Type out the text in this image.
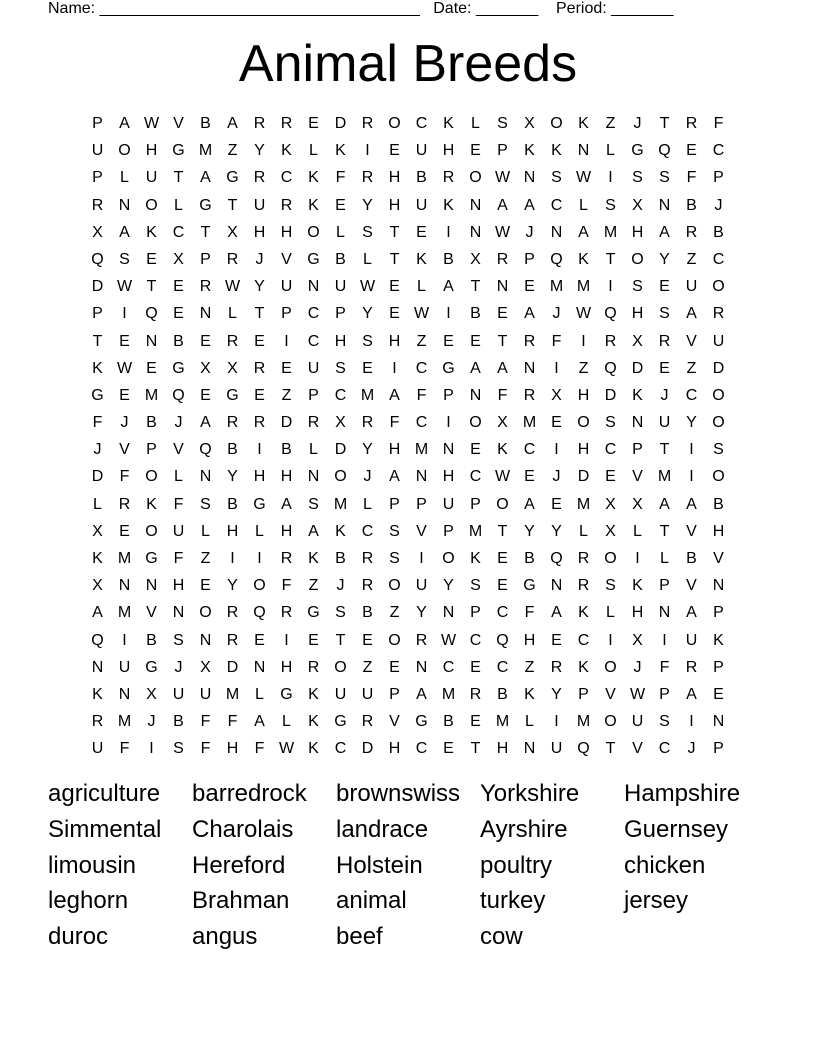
Name: ____________________________________   Date: _______    Period: _______
Animal Breeds
P	A W V	B	A R R E D R O C K	L	S	X O K	Z	J	T	R	F
U O H G M Z	Y	K	L	K	I	E U H E	P	K	K N	L	G Q E C
P	L	U	T	A G R C K	F	R H B R O W N S W	I	S	S	F	P
R N O	L	G T	U R K	E	Y H U K N A	A C	L	S	X N B	J
X	A	K C	T	X H H O	L	S	T	E	I	N W J	N A M H A R B
Q S	E	X	P R	J	V G B	L	T	K	B	X R P Q K	T O Y	Z	C
D W T	E R W Y U N U W E	L	A	T	N E M M	I	S	E U O
P	I	Q E N	L	T	P C P	Y	E W	I	B	E	A	J W Q H S	A R
T	E N B	E R E	I	C H S H	Z	E	E	T	R	F	I	R X R V U
K W E G X	X R E U S	E	I	C G A	A N	I	Z Q D E	Z	D
G E M Q E G E	Z	P C M A	F	P N	F	R X H D K	J	C O
F	J	B	J	A R R D R X R	F	C	I	O X M E O S N U Y O
J	V	P	V Q B	I	B	L	D Y H M N E	K C	I	H C P	T	I	S
D	F O	L	N Y H H N O	J	A N H C W E	J	D E	V M	I	O
L	R K	F	S	B G A	S M L	P	P U P O A	E M X	X	A	A	B
X	E O U	L	H	L	H A	K C S	V	P M T	Y	Y	L	X	L	T	V H
K M G F	Z	I	I	R K	B R S	I	O K	E	B Q R O	I	L	B	V
X N N H E	Y O F	Z	J	R O U Y	S	E G N R S	K	P	V N
A M V N O R Q R G S	B	Z	Y N P C	F	A	K	L	H N A	P
Q	I	B	S N R E	I	E	T	E O R W C Q H E C	I	X	I	U K
N U G	J	X D N H R O Z	E N C E C	Z	R K O	J	F	R P
K N X U U M L	G K U U P	A M R B	K	Y	P	V W P	A	E
R M	J	B	F	F	A	L	K G R V G B	E M L	I	M O U S	I	N
U	F	I	S	F	H	F W K C D H C E	T	H N U Q T	V C	J	P
agriculture	barredrock	brownswiss Yorkshire	Hampshire
Simmental	Charolais	landrace	Ayrshire	Guernsey
limousin	Hereford	Holstein	poultry	chicken
leghorn	Brahman	animal	turkey	jersey
duroc	angus	beef	cow
